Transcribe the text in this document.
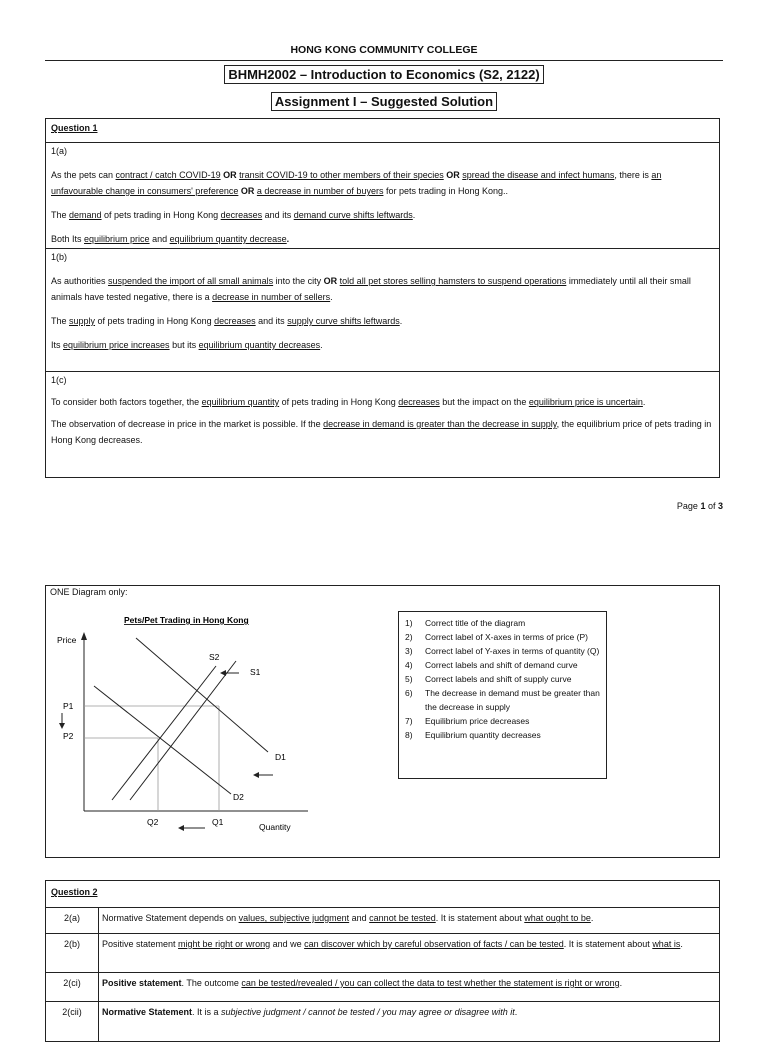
HONG KONG COMMUNITY COLLEGE
BHMH2002 – Introduction to Economics (S2, 2122)
Assignment I – Suggested Solution
Question 1
1(a)

As the pets can contract / catch COVID-19 OR transit COVID-19 to other members of their species OR spread the disease and infect humans, there is an unfavourable change in consumers' preference OR a decrease in number of buyers for pets trading in Hong Kong..

The demand of pets trading in Hong Kong decreases and its demand curve shifts leftwards.

Both Its equilibrium price and equilibrium quantity decrease.

1(b)

As authorities suspended the import of all small animals into the city OR told all pet stores selling hamsters to suspend operations immediately until all their small animals have tested negative, there is a decrease in number of sellers.

The supply of pets trading in Hong Kong decreases and its supply curve shifts leftwards.

Its equilibrium price increases but its equilibrium quantity decreases.

1(c)

To consider both factors together, the equilibrium quantity of pets trading in Hong Kong decreases but the impact on the equilibrium price is uncertain.

The observation of decrease in price in the market is possible. If the decrease in demand is greater than the decrease in supply, the equilibrium price of pets trading in Hong Kong decreases.

Page 1 of 3
ONE Diagram only:
Pets/Pet Trading in Hong Kong
Price
Quantity
S2
S1
D1
D2
P1
P2
Q1
Q2
1) Correct title of the diagram
2) Correct label of X-axes in terms of price (P)
3) Correct label of Y-axes in terms of quantity (Q)
4) Correct labels and shift of demand curve
5) Correct labels and shift of supply curve
6) The decrease in demand must be greater than the decrease in supply
7) Equilibrium price decreases
8) Equilibrium quantity decreases
Question 2
2(a)	Normative Statement depends on values, subjective judgment and cannot be tested. It is statement about what ought to be.

2(b)	Positive statement might be right or wrong and we can discover which by careful observation of facts / can be tested. It is statement about what is.

2(ci)	Positive statement. The outcome can be tested/revealed / you can collect the data to test whether the statement is right or wrong.

2(cii)	Normative Statement. It is a subjective judgment / cannot be tested / you may agree or disagree with it.
